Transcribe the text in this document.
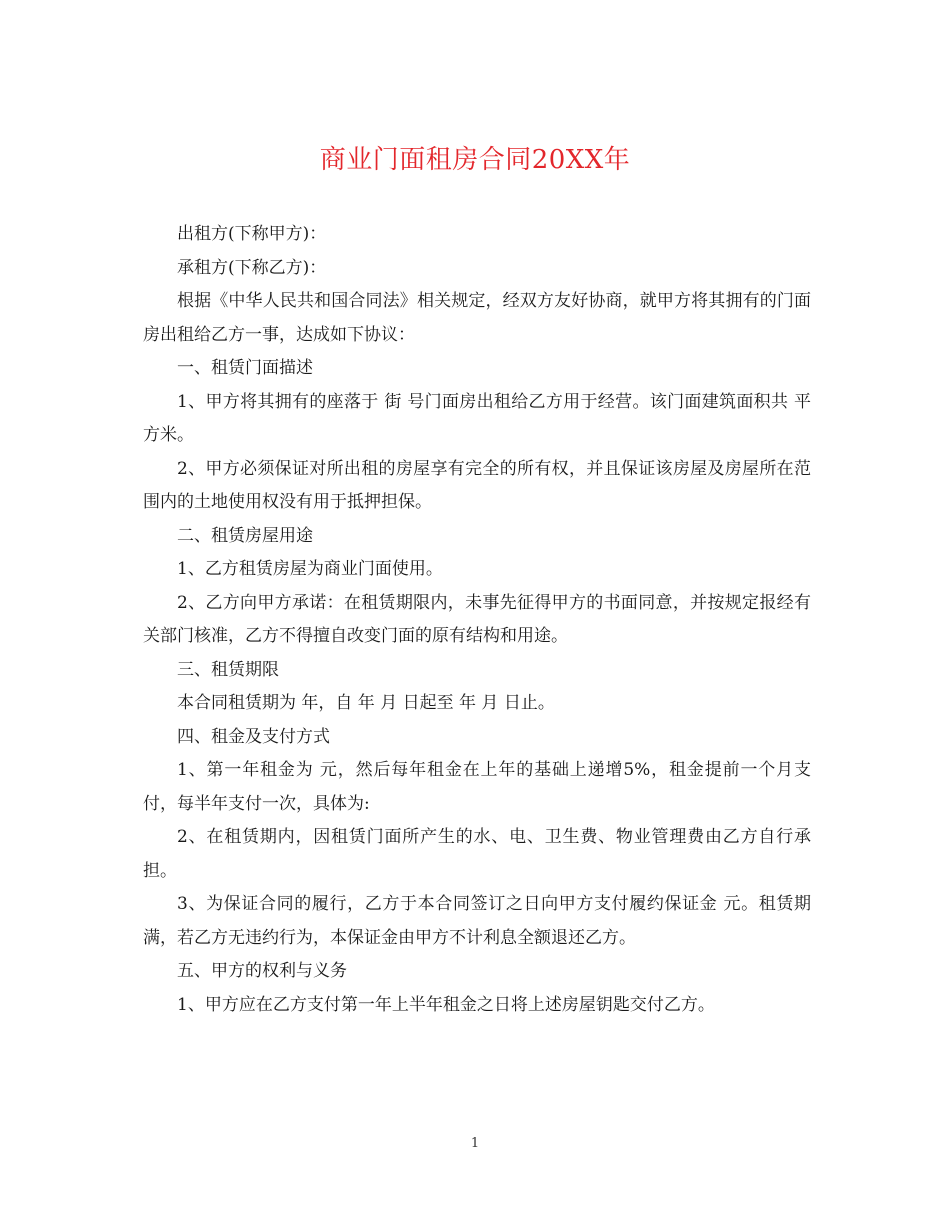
商业门面租房合同20XX年

出租方(下称甲方)：

承租方(下称乙方)：

根据《中华人民共和国合同法》相关规定，经双方友好协商，就甲方将其拥有的门面房出租给乙方一事，达成如下协议：

一、租赁门面描述

1、甲方将其拥有的座落于 街 号门面房出租给乙方用于经营。该门面建筑面积共 平方米。

2、甲方必须保证对所出租的房屋享有完全的所有权，并且保证该房屋及房屋所在范围内的土地使用权没有用于抵押担保。

二、租赁房屋用途

1、乙方租赁房屋为商业门面使用。

2、乙方向甲方承诺：在租赁期限内，未事先征得甲方的书面同意，并按规定报经有关部门核准，乙方不得擅自改变门面的原有结构和用途。

三、租赁期限

本合同租赁期为 年，自 年 月 日起至 年 月 日止。

四、租金及支付方式

1、第一年租金为 元，然后每年租金在上年的基础上递增5%，租金提前一个月支付，每半年支付一次，具体为:

2、在租赁期内，因租赁门面所产生的水、电、卫生费、物业管理费由乙方自行承担。

3、为保证合同的履行，乙方于本合同签订之日向甲方支付履约保证金 元。租赁期满，若乙方无违约行为，本保证金由甲方不计利息全额退还乙方。

五、甲方的权利与义务

1、甲方应在乙方支付第一年上半年租金之日将上述房屋钥匙交付乙方。

1
